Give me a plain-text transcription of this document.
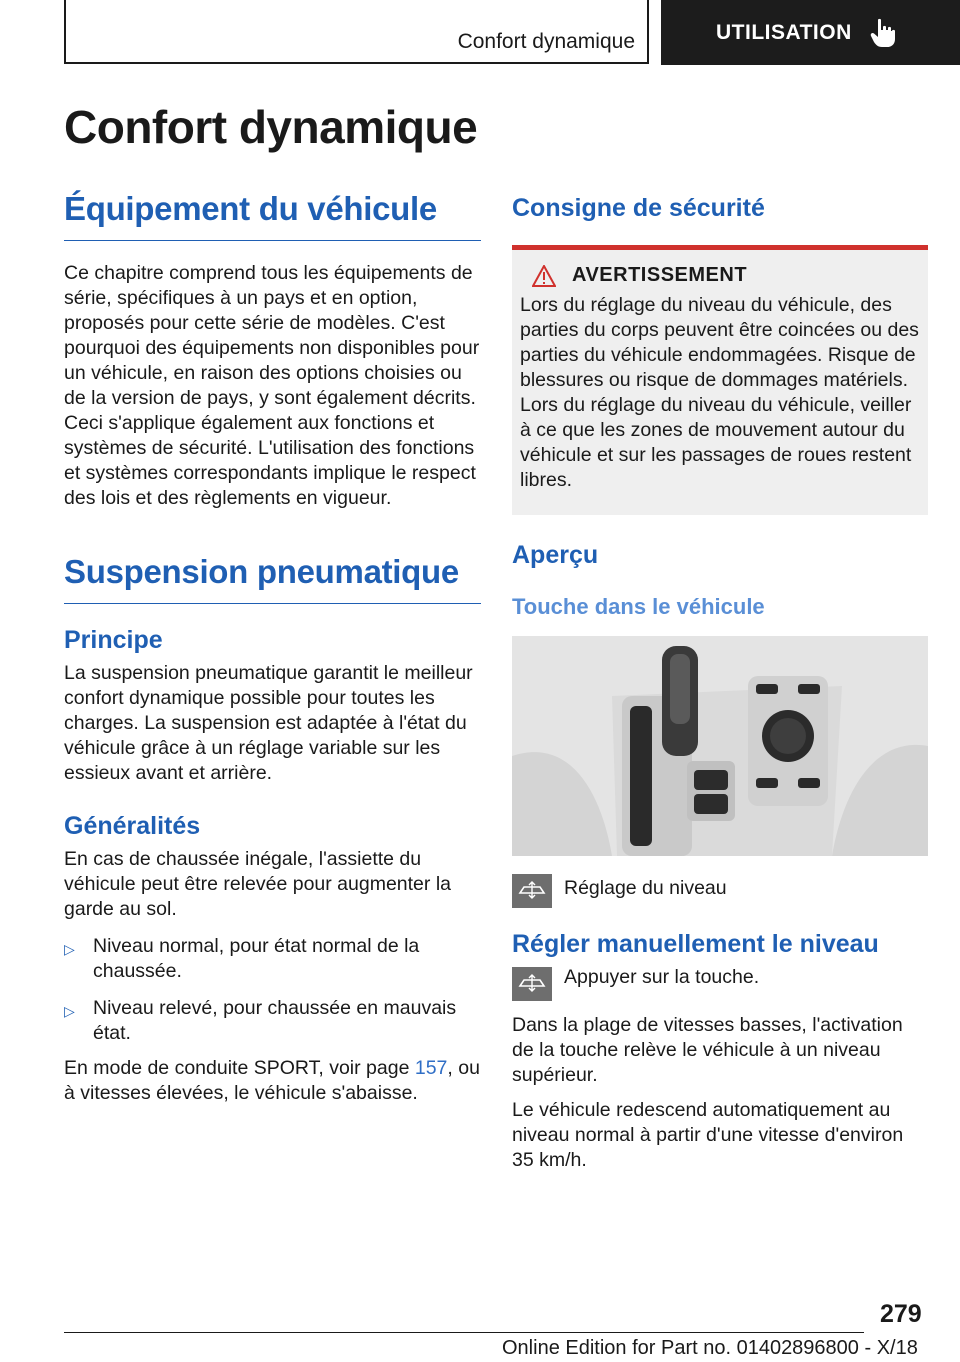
Confort dynamique	UTILISATION
Confort dynamique
Équipement du véhicule

Ce chapitre comprend tous les équipements de série, spécifiques à un pays et en option, proposés pour cette série de modèles. C'est pourquoi des équipements non disponibles pour un véhicule, en raison des options choisies ou de la version de pays, y sont également décrits. Ceci s'applique également aux fonctions et systèmes de sécurité. L'utilisation des fonctions et systèmes correspondants implique le respect des lois et des règlements en vigueur.

Suspension pneumatique
Principe

La suspension pneumatique garantit le meilleur confort dynamique possible pour toutes les charges. La suspension est adaptée à l'état du véhicule grâce à un réglage variable sur les essieux avant et arrière.

Généralités

En cas de chaussée inégale, l'assiette du véhicule peut être relevée pour augmenter la garde au sol.

▷ Niveau normal, pour état normal de la chaussée.
▷ Niveau relevé, pour chaussée en mauvais état.

En mode de conduite SPORT, voir page 157, ou à vitesses élevées, le véhicule s'abaisse.

Consigne de sécurité
AVERTISSEMENT

Lors du réglage du niveau du véhicule, des parties du corps peuvent être coincées ou des parties du véhicule endommagées. Risque de blessures ou risque de dommages matériels. Lors du réglage du niveau du véhicule, veiller à ce que les zones de mouvement autour du véhicule et sur les passages de roues restent libres.

Aperçu
Touche dans le véhicule
Réglage du niveau
Régler manuellement le niveau
Appuyer sur la touche.

Dans la plage de vitesses basses, l'activation de la touche relève le véhicule à un niveau supérieur.

Le véhicule redescend automatiquement au niveau normal à partir d'une vitesse d'environ 35 km/h.

279
Online Edition for Part no. 01402896800 - X/18
